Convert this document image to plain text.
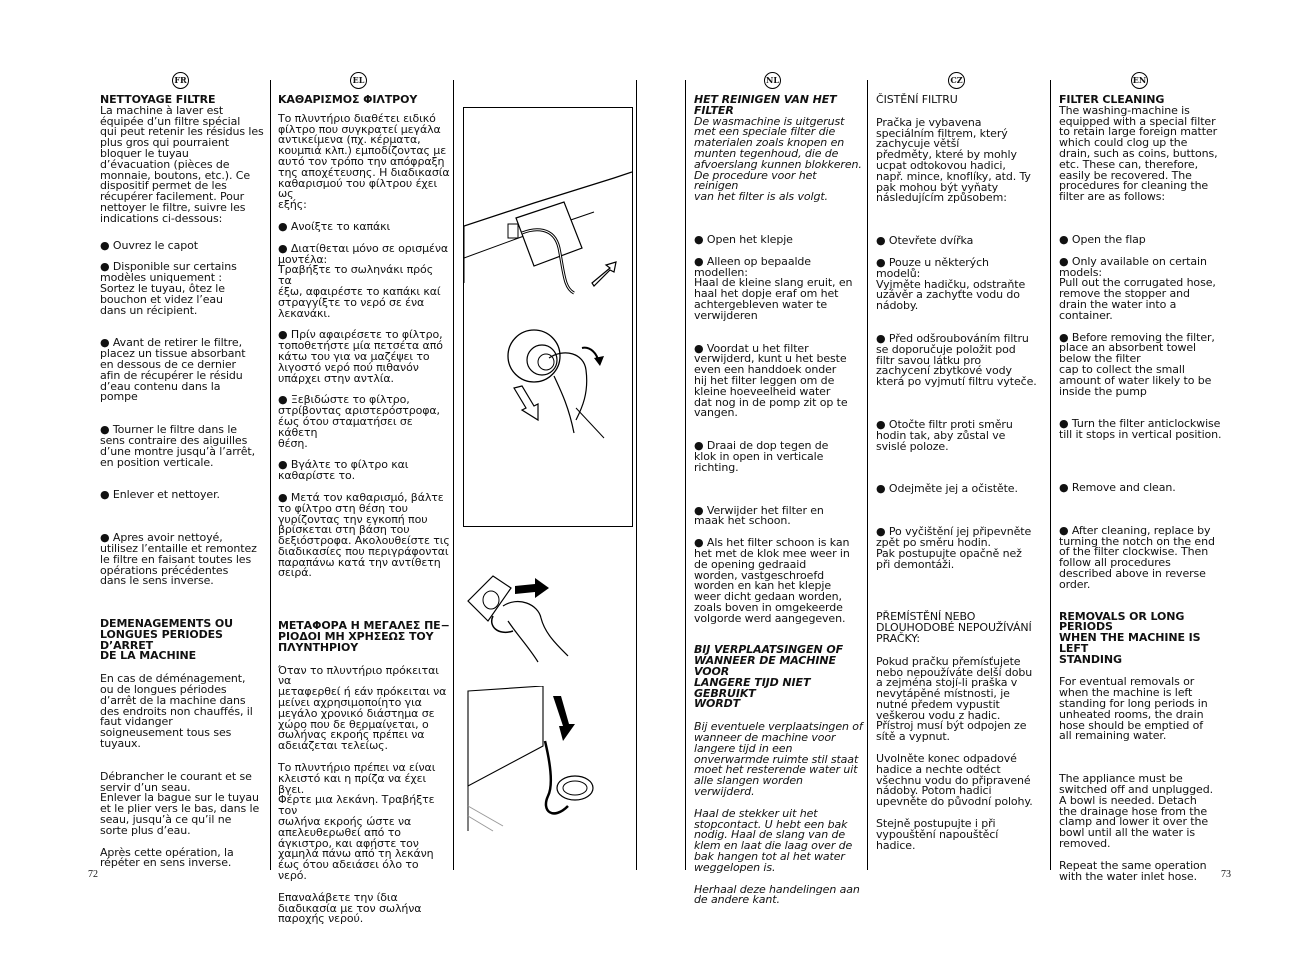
FR	EL	NL	CZ	EN

NETTOYAGE FILTRE

La machine à laver est
équipée d’un filtre spécial
qui peut retenir les résidus les
plus gros qui pourraient
bloquer le tuyau
d’évacuation (pièces de
monnaie, boutons, etc.). Ce
dispositif permet de les
récupérer facilement. Pour
nettoyer le filtre, suivre les
indications ci-dessous:

● Ouvrez le capot

● Disponible sur certains
modèles uniquement :
Sortez le tuyau, ôtez le
bouchon et videz l’eau
dans un récipient.

● Avant de retirer le filtre,
placez un tissue absorbant
en dessous de ce dernier
afin de récupérer le résidu
d’eau contenu dans la
pompe

● Tourner le filtre dans le
sens contraire des aiguilles
d’une montre jusqu’à l’arrêt,
en position verticale.

● Enlever et nettoyer.

● Apres avoir nettoyé,
utilisez l’entaille et remontez
le filtre en faisant toutes les
opérations précédentes
dans le sens inverse.

DEMENAGEMENTS OU
LONGUES PERIODES D’ARRET
DE LA MACHINE

En cas de déménagement,
ou de longues périodes
d’arrêt de la machine dans
des endroits non chauffés, il
faut vidanger
soigneusement tous ses
tuyaux.

Débrancher le courant et se
servir d’un seau.
Enlever la bague sur le tuyau
et le plier vers le bas, dans le
seau, jusqu’à ce qu’il ne
sorte plus d’eau.

Après cette opération, la
répéter en sens inverse.

ΚΑΘΑΡΙΣΜΟΣ ΦΙΛΤΡΟΥ

Το πλυντήριο διαθέτει ειδικό
φίλτρο που συγκρατεί μεγάλα
αντικείμενα (πχ. κέρματα,
κουμπιά κλπ.) εμποδίζοντας με
αυτό τον τρόπο την απόφραξη
της αποχέτευσης. Η διαδικασία
καθαρισμού του φίλτρου έχει ως
εξής:

● Ανοίξτε το καπάκι

● Διατίθεται μόνο σε ορισμένα
μοντέλα:
Τραβήξτε το σωληνάκι πρός τα
έξω, αφαιρέστε το καπάκι καί
στραγγίξτε το νερό σε ένα
λεκανάκι.

● Πρίν αφαιρέσετε το φίλτρο,
τοποθετήστε μία πετσέτα από
κάτω του για να μαζέψει το
λιγοστό νερό πού πιθανόν
υπάρχει στην αντλία.

● Ξεβιδώστε το φίλτρο,
στρίβοντας αριστερόστροφα,
έως ότου σταματήσει σε κάθετη
θέση.

● Βγάλτε το φίλτρο και
καθαρίστε το.

● Μετά τον καθαρισμό, βάλτε
το φίλτρο στη θέση του
γυρίζοντας την εγκοπή που
βρίσκεται στη βάση του
δεξιόστροφα. Ακολουθείστε τις
διαδικασίες που περιγράφονται
παραπάνω κατά την αντίθετη
σειρά.

ΜΕΤΑΦΟΡΑ Η ΜΕΓΑΛΕΣ ΠΕ−
ΡΙΟΔΟΙ ΜΗ ΧΡΗΣΕΩΣ ΤΟΥ
ΠΛΥΝΤΗΡΙΟΥ

Όταν το πλυντήριο πρόκειται να
μεταφερθεί ή εάν πρόκειται να
μείνει αχρησιμοποίητο για
μεγάλο χρονικό διάστημα σε
χώρο που δε θερμαίνεται, ο
σωλήνας εκροής πρέπει να
αδειάζεται τελείως.

Το πλυντήριο πρέπει να είναι
κλειστό και η πρίζα να έχει βγει.
Φέρτε μια λεκάνη. Τραβήξτε τον
σωλήνα εκροής ώστε να
απελευθερωθεί από το
άγκιστρο, και αφήστε τον
χαμηλά πάνω από τη λεκάνη
έως ότου αδειάσει όλο το νερό.

Επαναλάβετε την ίδια
διαδικασία με τον σωλήνα
παροχής νερού.

HET REINIGEN VAN HET FILTER

De wasmachine is uitgerust
met een speciale filter die
materialen zoals knopen en
munten tegenhoud, die de
afvoerslang kunnen blokkeren.
De procedure voor het reinigen
van het filter is als volgt.

● Open het klepje

● Alleen op bepaalde
modellen:
Haal de kleine slang eruit, en
haal het dopje eraf om het
achtergebleven water te
verwijderen

● Voordat u het filter
verwijderd, kunt u het beste
even een handdoek onder
hij het filter leggen om de
kleine hoeveelheid water
dat nog in de pomp zit op te
vangen.

● Draai de dop tegen de
klok in open in verticale
richting.

● Verwijder het filter en
maak het schoon.

● Als het filter schoon is kan
het met de klok mee weer in
de opening gedraaid
worden, vastgeschroefd
worden en kan het klepje
weer dicht gedaan worden,
zoals boven in omgekeerde
volgorde werd aangegeven.

BIJ VERPLAATSINGEN OF
WANNEER DE MACHINE VOOR
LANGERE TIJD NIET GEBRUIKT
WORDT

Bij eventuele verplaatsingen of
wanneer de machine voor
langere tijd in een
onverwarmde ruimte stil staat
moet het resterende water uit
alle slangen worden
verwijderd.

Haal de stekker uit het
stopcontact. U hebt een bak
nodig. Haal de slang van de
klem en laat die laag over de
bak hangen tot al het water
weggelopen is.

Herhaal deze handelingen aan
de andere kant.

ČISTĚNÍ FILTRU

Pračka je vybavena
speciálním filtrem, který
zachycuje větší
předměty, které by mohly
ucpat odtokovou hadici,
např. mince, knoflíky, atd. Ty
pak mohou být vyňaty
následujícím způsobem:

● Otevřete dvířka

● Pouze u některých
modelů:
Vyjměte hadičku, odstraňte
uzávěr a zachyťte vodu do
nádoby.

● Před odšroubováním filtru
se doporučuje položit pod
filtr savou látku pro
zachycení zbytkové vody
která po vyjmutí filtru vyteče.

● Otočte filtr proti směru
hodin tak, aby zůstal ve
svislé poloze.

● Odejměte jej a očistěte.

● Po vyčištění jej připevněte
zpět po směru hodin.
Pak postupujte opačně než
při demontáži.

PŘEMÍSTĚNÍ NEBO
DLOUHODOBÉ NEPOUŽÍVÁNÍ
PRAČKY:

Pokud pračku přemísťujete
nebo nepoužíváte delší dobu
a zejména stojí-li praška v
nevytápěné místnosti, je
nutné předem vypustit
veškerou vodu z hadic.
Přístroj musí být odpojen ze
sítě a vypnut.

Uvolněte konec odpadové
hadice a nechte odtéct
všechnu vodu do připravené
nádoby. Potom hadici
upevněte do původní polohy.

Stejně postupujte i při
vypouštění napouštěcí
hadice.

FILTER CLEANING

The washing-machine is
equipped with a special filter
to retain large foreign matter
which could clog up the
drain, such as coins, buttons,
etc. These can, therefore,
easily be recovered. The
procedures for cleaning the
filter are as follows:

● Open the flap

● Only available on certain
models:
Pull out the corrugated hose,
remove the stopper and
drain the water into a
container.

● Before removing the filter,
place an absorbent towel
below the filter
cap to collect the small
amount of water likely to be
inside the pump

● Turn the filter anticlockwise
till it stops in vertical position.

● Remove and clean.

● After cleaning, replace by
turning the notch on the end
of the filter clockwise. Then
follow all procedures
described above in reverse
order.

REMOVALS OR LONG PERIODS
WHEN THE MACHINE IS LEFT
STANDING

For eventual removals or
when the machine is left
standing for long periods in
unheated rooms, the drain
hose should be emptied of
all remaining water.

The appliance must be
switched off and unplugged.
A bowl is needed. Detach
the drainage hose from the
clamp and lower it over the
bowl until all the water is
removed.

Repeat the same operation
with the water inlet hose.

72	73
